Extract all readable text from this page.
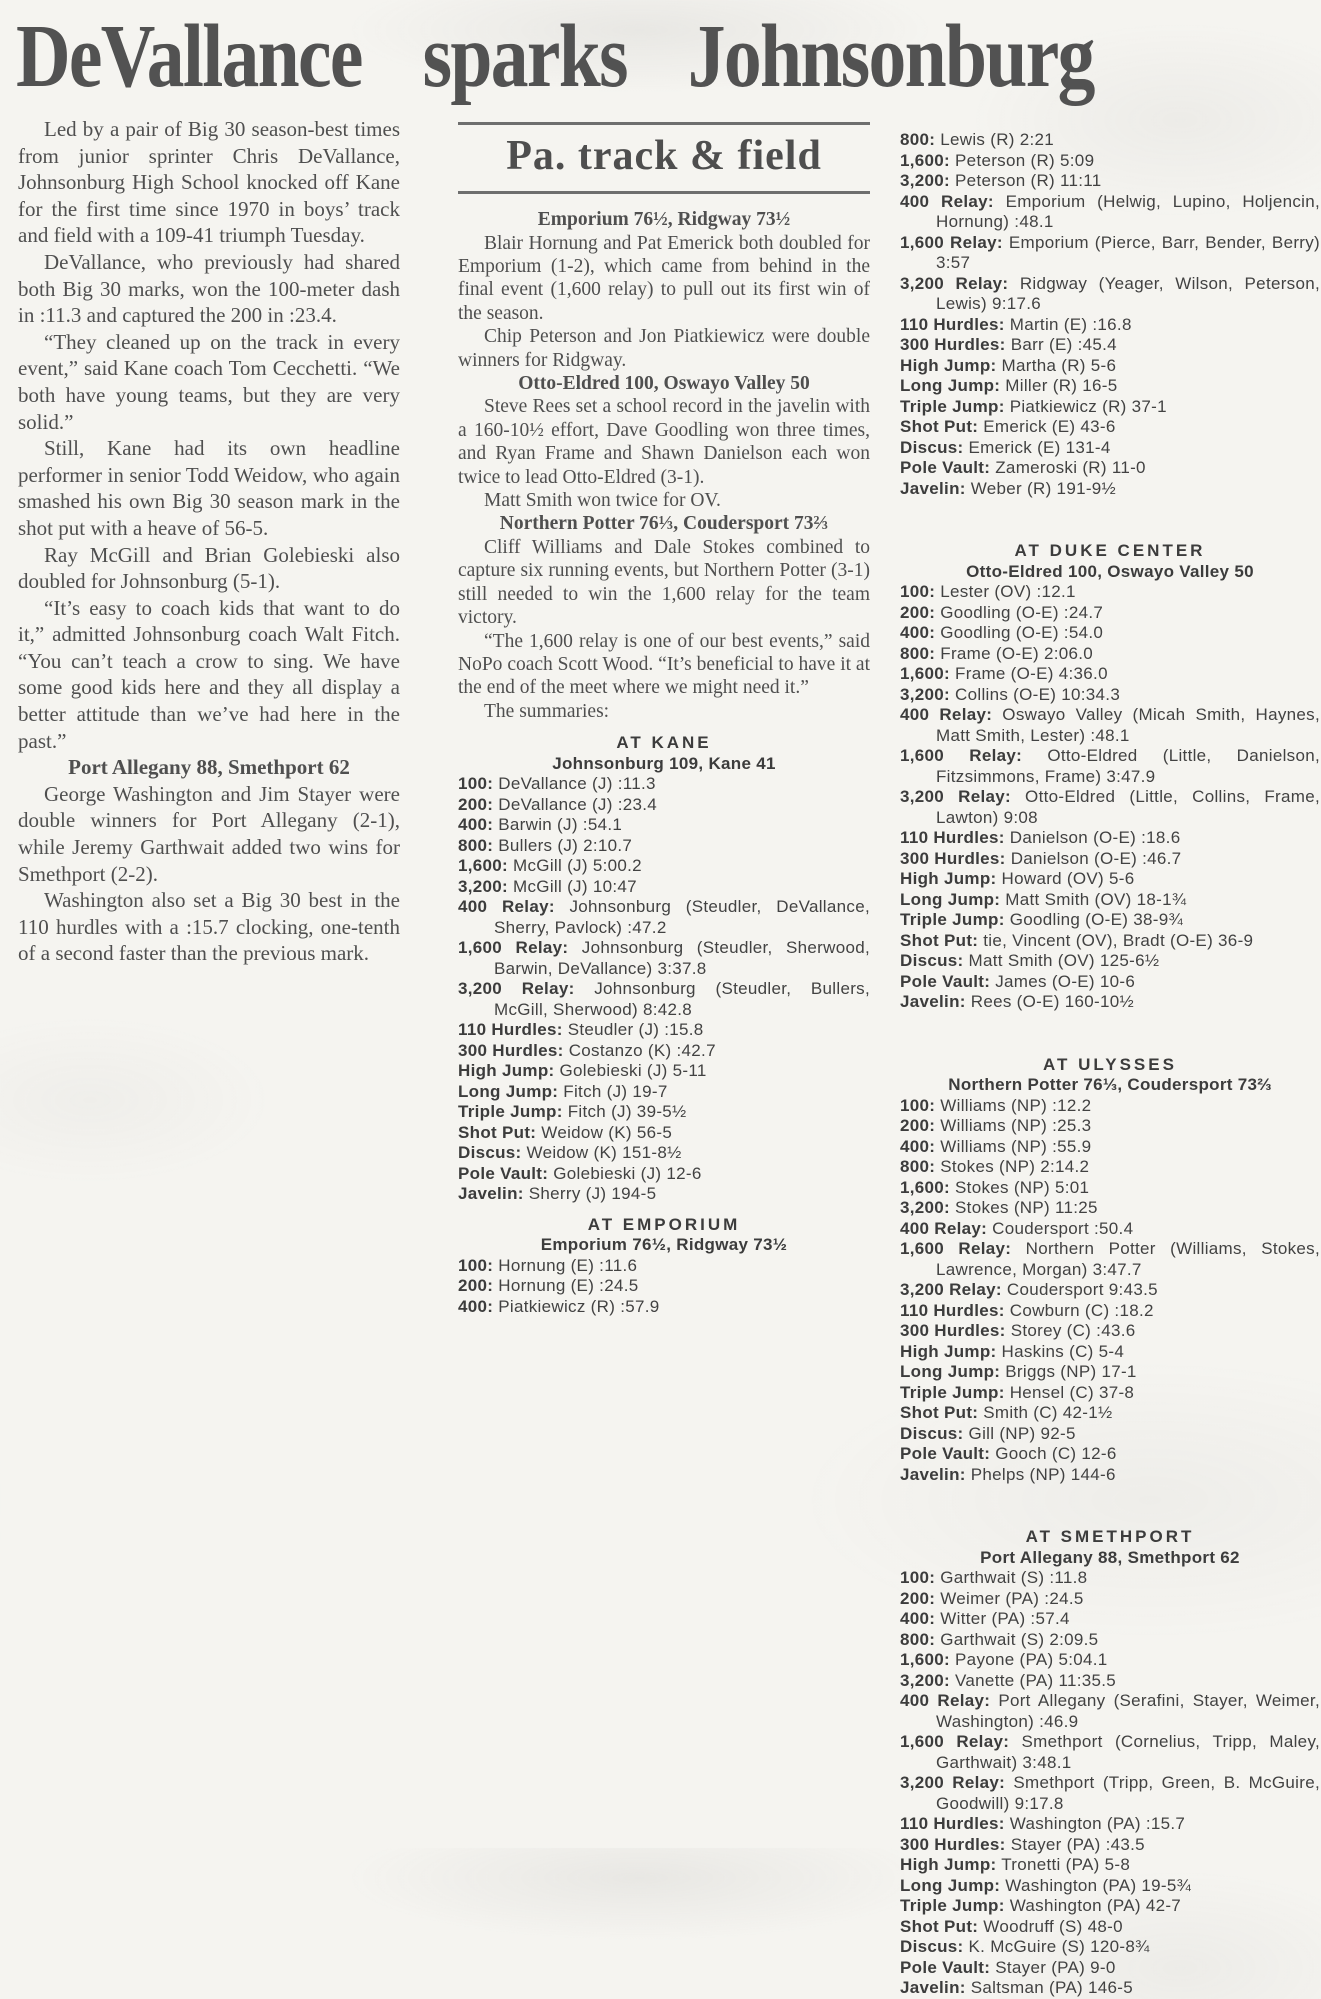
DeVallance sparks Johnsonburg

Led by a pair of Big 30 season-best times from junior sprinter Chris DeVallance, Johnsonburg High School knocked off Kane for the first time since 1970 in boys’ track and field with a 109-41 triumph Tuesday.

DeVallance, who previously had shared both Big 30 marks, won the 100-meter dash in :11.3 and captured the 200 in :23.4.

“They cleaned up on the track in every event,” said Kane coach Tom Cecchetti. “We both have young teams, but they are very solid.”

Still, Kane had its own headline performer in senior Todd Weidow, who again smashed his own Big 30 season mark in the shot put with a heave of 56-5.

Ray McGill and Brian Golebieski also doubled for Johnsonburg (5-1).

“It’s easy to coach kids that want to do it,” admitted Johnsonburg coach Walt Fitch. “You can’t teach a crow to sing. We have some good kids here and they all display a better attitude than we’ve had here in the past.”

Port Allegany 88, Smethport 62

George Washington and Jim Stayer were double winners for Port Allegany (2-1), while Jeremy Garthwait added two wins for Smethport (2-2).

Washington also set a Big 30 best in the 110 hurdles with a :15.7 clocking, one-tenth of a second faster than the previous mark.

Pa. track & field

Emporium 76½, Ridgway 73½

Blair Hornung and Pat Emerick both doubled for Emporium (1-2), which came from behind in the final event (1,600 relay) to pull out its first win of the season.

Chip Peterson and Jon Piatkiewicz were double winners for Ridgway.

Otto-Eldred 100, Oswayo Valley 50

Steve Rees set a school record in the javelin with a 160-10½ effort, Dave Goodling won three times, and Ryan Frame and Shawn Danielson each won twice to lead Otto-Eldred (3-1).

Matt Smith won twice for OV.

Northern Potter 76⅓, Coudersport 73⅔

Cliff Williams and Dale Stokes combined to capture six running events, but Northern Potter (3-1) still needed to win the 1,600 relay for the team victory.

“The 1,600 relay is one of our best events,” said NoPo coach Scott Wood. “It’s beneficial to have it at the end of the meet where we might need it.”

The summaries:

AT KANE
Johnsonburg 109, Kane 41
100: DeVallance (J) :11.3
200: DeVallance (J) :23.4
400: Barwin (J) :54.1
800: Bullers (J) 2:10.7
1,600: McGill (J) 5:00.2
3,200: McGill (J) 10:47
400 Relay: Johnsonburg (Steudler, DeVallance, Sherry, Pavlock) :47.2
1,600 Relay: Johnsonburg (Steudler, Sherwood, Barwin, DeVallance) 3:37.8
3,200 Relay: Johnsonburg (Steudler, Bullers, McGill, Sherwood) 8:42.8
110 Hurdles: Steudler (J) :15.8
300 Hurdles: Costanzo (K) :42.7
High Jump: Golebieski (J) 5-11
Long Jump: Fitch (J) 19-7
Triple Jump: Fitch (J) 39-5½
Shot Put: Weidow (K) 56-5
Discus: Weidow (K) 151-8½
Pole Vault: Golebieski (J) 12-6
Javelin: Sherry (J) 194-5
AT EMPORIUM
Emporium 76½, Ridgway 73½
100: Hornung (E) :11.6
200: Hornung (E) :24.5
400: Piatkiewicz (R) :57.9
800: Lewis (R) 2:21
1,600: Peterson (R) 5:09
3,200: Peterson (R) 11:11
400 Relay: Emporium (Helwig, Lupino, Holjencin, Hornung) :48.1
1,600 Relay: Emporium (Pierce, Barr, Bender, Berry) 3:57
3,200 Relay: Ridgway (Yeager, Wilson, Peterson, Lewis) 9:17.6
110 Hurdles: Martin (E) :16.8
300 Hurdles: Barr (E) :45.4
High Jump: Martha (R) 5-6
Long Jump: Miller (R) 16-5
Triple Jump: Piatkiewicz (R) 37-1
Shot Put: Emerick (E) 43-6
Discus: Emerick (E) 131-4
Pole Vault: Zameroski (R) 11-0
Javelin: Weber (R) 191-9½
AT DUKE CENTER
Otto-Eldred 100, Oswayo Valley 50
100: Lester (OV) :12.1
200: Goodling (O-E) :24.7
400: Goodling (O-E) :54.0
800: Frame (O-E) 2:06.0
1,600: Frame (O-E) 4:36.0
3,200: Collins (O-E) 10:34.3
400 Relay: Oswayo Valley (Micah Smith, Haynes, Matt Smith, Lester) :48.1
1,600 Relay: Otto-Eldred (Little, Danielson, Fitzsimmons, Frame) 3:47.9
3,200 Relay: Otto-Eldred (Little, Collins, Frame, Lawton) 9:08
110 Hurdles: Danielson (O-E) :18.6
300 Hurdles: Danielson (O-E) :46.7
High Jump: Howard (OV) 5-6
Long Jump: Matt Smith (OV) 18-1¾
Triple Jump: Goodling (O-E) 38-9¾
Shot Put: tie, Vincent (OV), Bradt (O-E) 36-9
Discus: Matt Smith (OV) 125-6½
Pole Vault: James (O-E) 10-6
Javelin: Rees (O-E) 160-10½
AT ULYSSES
Northern Potter 76⅓, Coudersport 73⅔
100: Williams (NP) :12.2
200: Williams (NP) :25.3
400: Williams (NP) :55.9
800: Stokes (NP) 2:14.2
1,600: Stokes (NP) 5:01
3,200: Stokes (NP) 11:25
400 Relay: Coudersport :50.4
1,600 Relay: Northern Potter (Williams, Stokes, Lawrence, Morgan) 3:47.7
3,200 Relay: Coudersport 9:43.5
110 Hurdles: Cowburn (C) :18.2
300 Hurdles: Storey (C) :43.6
High Jump: Haskins (C) 5-4
Long Jump: Briggs (NP) 17-1
Triple Jump: Hensel (C) 37-8
Shot Put: Smith (C) 42-1½
Discus: Gill (NP) 92-5
Pole Vault: Gooch (C) 12-6
Javelin: Phelps (NP) 144-6
AT SMETHPORT
Port Allegany 88, Smethport 62
100: Garthwait (S) :11.8
200: Weimer (PA) :24.5
400: Witter (PA) :57.4
800: Garthwait (S) 2:09.5
1,600: Payone (PA) 5:04.1
3,200: Vanette (PA) 11:35.5
400 Relay: Port Allegany (Serafini, Stayer, Weimer, Washington) :46.9
1,600 Relay: Smethport (Cornelius, Tripp, Maley, Garthwait) 3:48.1
3,200 Relay: Smethport (Tripp, Green, B. McGuire, Goodwill) 9:17.8
110 Hurdles: Washington (PA) :15.7
300 Hurdles: Stayer (PA) :43.5
High Jump: Tronetti (PA) 5-8
Long Jump: Washington (PA) 19-5¾
Triple Jump: Washington (PA) 42-7
Shot Put: Woodruff (S) 48-0
Discus: K. McGuire (S) 120-8¾
Pole Vault: Stayer (PA) 9-0
Javelin: Saltsman (PA) 146-5
